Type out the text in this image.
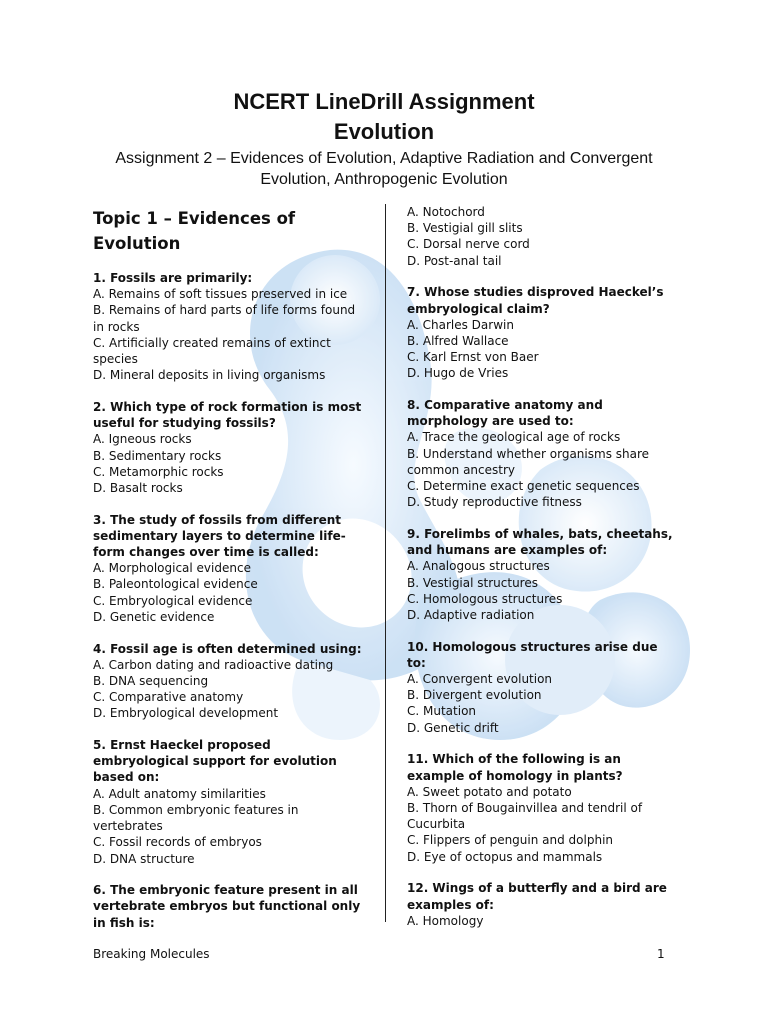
NCERT LineDrill Assignment
Evolution
Assignment 2 – Evidences of Evolution, Adaptive Radiation and Convergent Evolution, Anthropogenic Evolution
Topic 1 – Evidences of Evolution
1. Fossils are primarily:
A. Remains of soft tissues preserved in ice
B. Remains of hard parts of life forms found in rocks
C. Artificially created remains of extinct species
D. Mineral deposits in living organisms
2. Which type of rock formation is most useful for studying fossils?
A. Igneous rocks
B. Sedimentary rocks
C. Metamorphic rocks
D. Basalt rocks
3. The study of fossils from different sedimentary layers to determine life-form changes over time is called:
A. Morphological evidence
B. Paleontological evidence
C. Embryological evidence
D. Genetic evidence
4. Fossil age is often determined using:
A. Carbon dating and radioactive dating
B. DNA sequencing
C. Comparative anatomy
D. Embryological development
5. Ernst Haeckel proposed embryological support for evolution based on:
A. Adult anatomy similarities
B. Common embryonic features in vertebrates
C. Fossil records of embryos
D. DNA structure
6. The embryonic feature present in all vertebrate embryos but functional only in fish is:
A. Notochord
B. Vestigial gill slits
C. Dorsal nerve cord
D. Post-anal tail
7. Whose studies disproved Haeckel’s embryological claim?
A. Charles Darwin
B. Alfred Wallace
C. Karl Ernst von Baer
D. Hugo de Vries
8. Comparative anatomy and morphology are used to:
A. Trace the geological age of rocks
B. Understand whether organisms share common ancestry
C. Determine exact genetic sequences
D. Study reproductive fitness
9. Forelimbs of whales, bats, cheetahs, and humans are examples of:
A. Analogous structures
B. Vestigial structures
C. Homologous structures
D. Adaptive radiation
10. Homologous structures arise due to:
A. Convergent evolution
B. Divergent evolution
C. Mutation
D. Genetic drift
11. Which of the following is an example of homology in plants?
A. Sweet potato and potato
B. Thorn of Bougainvillea and tendril of Cucurbita
C. Flippers of penguin and dolphin
D. Eye of octopus and mammals
12. Wings of a butterfly and a bird are examples of:
A. Homology
Breaking Molecules	1
